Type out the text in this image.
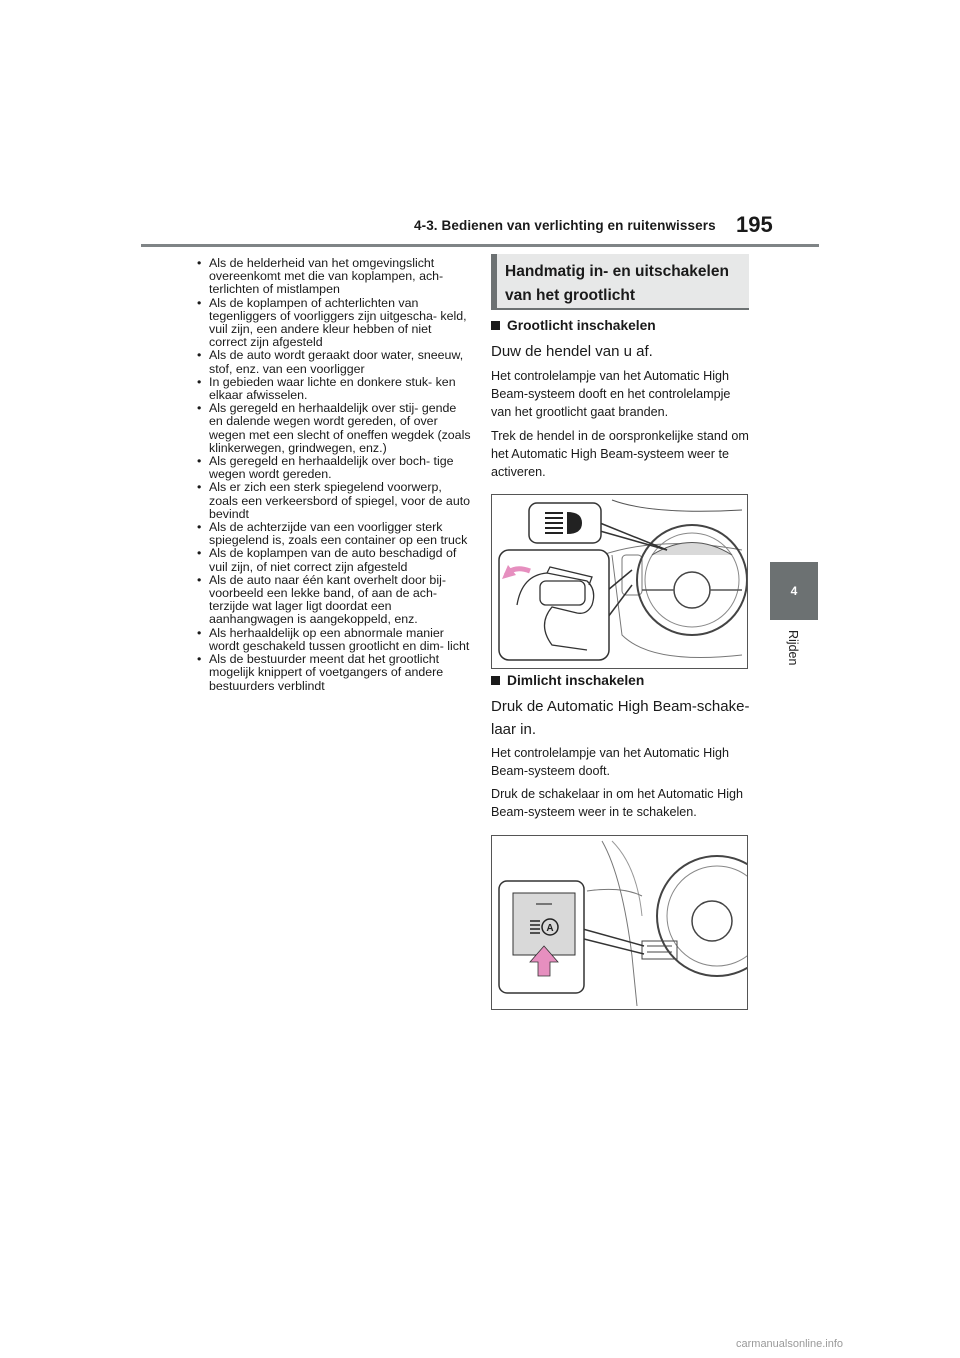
4-3. Bedienen van verlichting en ruitenwissers 195
4
Rijden
• Als de helderheid van het omgevingslicht overeenkomt met die van koplampen, ach- terlichten of mistlampen
• Als de koplampen of achterlichten van tegenliggers of voorliggers zijn uitgescha- keld, vuil zijn, een andere kleur hebben of niet correct zijn afgesteld
• Als de auto wordt geraakt door water, sneeuw, stof, enz. van een voorligger
• In gebieden waar lichte en donkere stuk- ken elkaar afwisselen.
• Als geregeld en herhaaldelijk over stij- gende en dalende wegen wordt gereden, of over wegen met een slecht of oneffen wegdek (zoals klinkerwegen, grindwegen, enz.)
• Als geregeld en herhaaldelijk over boch- tige wegen wordt gereden.
• Als er zich een sterk spiegelend voorwerp, zoals een verkeersbord of spiegel, voor de auto bevindt
• Als de achterzijde van een voorligger sterk spiegelend is, zoals een container op een truck
• Als de koplampen van de auto beschadigd of vuil zijn, of niet correct zijn afgesteld
• Als de auto naar één kant overhelt door bij- voorbeeld een lekke band, of aan de ach- terzijde wat lager ligt doordat een aanhangwagen is aangekoppeld, enz.
• Als herhaaldelijk op een abnormale manier wordt geschakeld tussen grootlicht en dim- licht
• Als de bestuurder meent dat het grootlicht mogelijk knippert of voetgangers of andere bestuurders verblindt
Handmatig in- en uitschakelen van het grootlicht
Grootlicht inschakelen
Duw de hendel van u af.
Het controlelampje van het Automatic High Beam-systeem dooft en het controlelampje van het grootlicht gaat branden.
Trek de hendel in de oorspronkelijke stand om het Automatic High Beam-systeem weer te activeren.
Dimlicht inschakelen
Druk de Automatic High Beam-schake- laar in.
Het controlelampje van het Automatic High Beam-systeem dooft.
Druk de schakelaar in om het Automatic High Beam-systeem weer in te schakelen.
A
carmanualsonline.info
